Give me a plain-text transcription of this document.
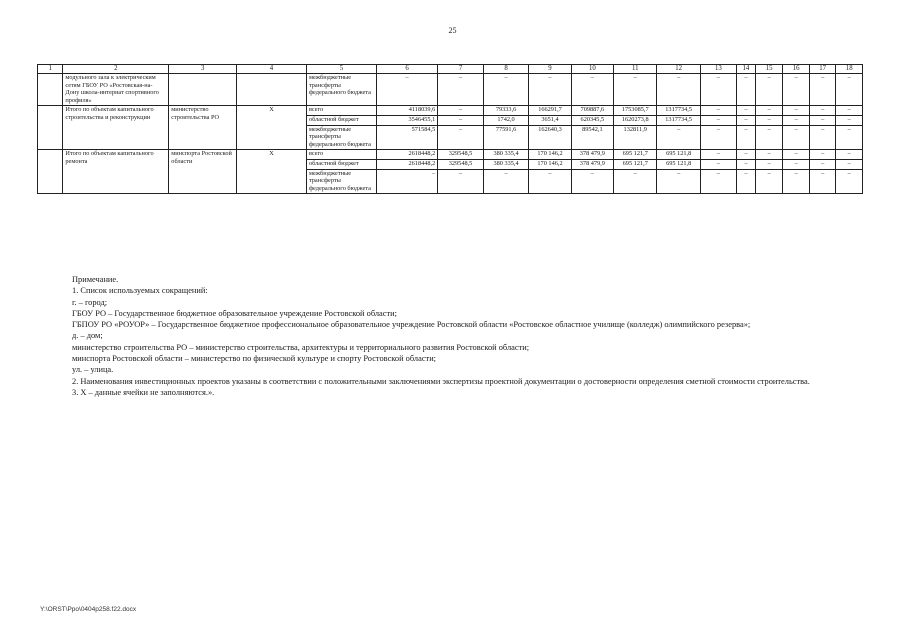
25
1	2	3	4	5	6	7	8	9	10	11	12	13	14	15	16	17	18
	модульного зала к электрическим сетям ГБОУ РО «Ростовская-на-Дону школа-интернат спортивного профиля»			межбюджетные трансферты федерального бюджета	–	–	–	–	–	–	–	–	–	–	–	–	–
	Итого по объектам капитального строительства и реконструкции	министерство строительства РО	X	всего	4118039,6	–	79333,6	166291,7	709887,6	1753085,7	1317734,5	–	–	–	–	–	–
				областной бюджет	3546455,1	–	1742,0	3651,4	620345,5	1620273,8	1317734,5	–	–	–	–	–	–
				межбюджетные трансферты федерального бюджета	571584,5	–	77591,6	162640,3	89542,1	132811,9	–	–	–	–	–	–	–
	Итого по объектам капитального ремонта	минспорта Ростовской области	X	всего	2618448,2	329548,5	380 335,4	170 146,2	378 479,9	695 121,7	695 121,8	–	–	–	–	–	–
				областной бюджет	2618448,2	329548,5	380 335,4	170 146,2	378 479,9	695 121,7	695 121,8	–	–	–	–	–	–
				межбюджетные трансферты федерального бюджета	–	–	–	–	–	–	–	–	–	–	–	–	–

Примечание.

1. Список используемых сокращений:

г. – город;

ГБОУ РО – Государственное бюджетное образовательное учреждение Ростовской области;

ГБПОУ РО «РОУОР» – Государственное бюджетное профессиональное образовательное учреждение Ростовской области «Ростовское областное училище (колледж) олимпийского резерва»;

д. – дом;

министерство строительства РО – министерство строительства, архитектуры и территориального развития Ростовской области;

минспорта Ростовской области – министерство по физической культуре и спорту Ростовской области;

ул. – улица.

2. Наименования инвестиционных проектов указаны в соответствии с положительными заключениями экспертизы проектной документации о достоверности определения сметной стоимости строительства.

3. X – данные ячейки не заполняются.».

Y:\ORST\Ppo\0404p258.f22.docx
